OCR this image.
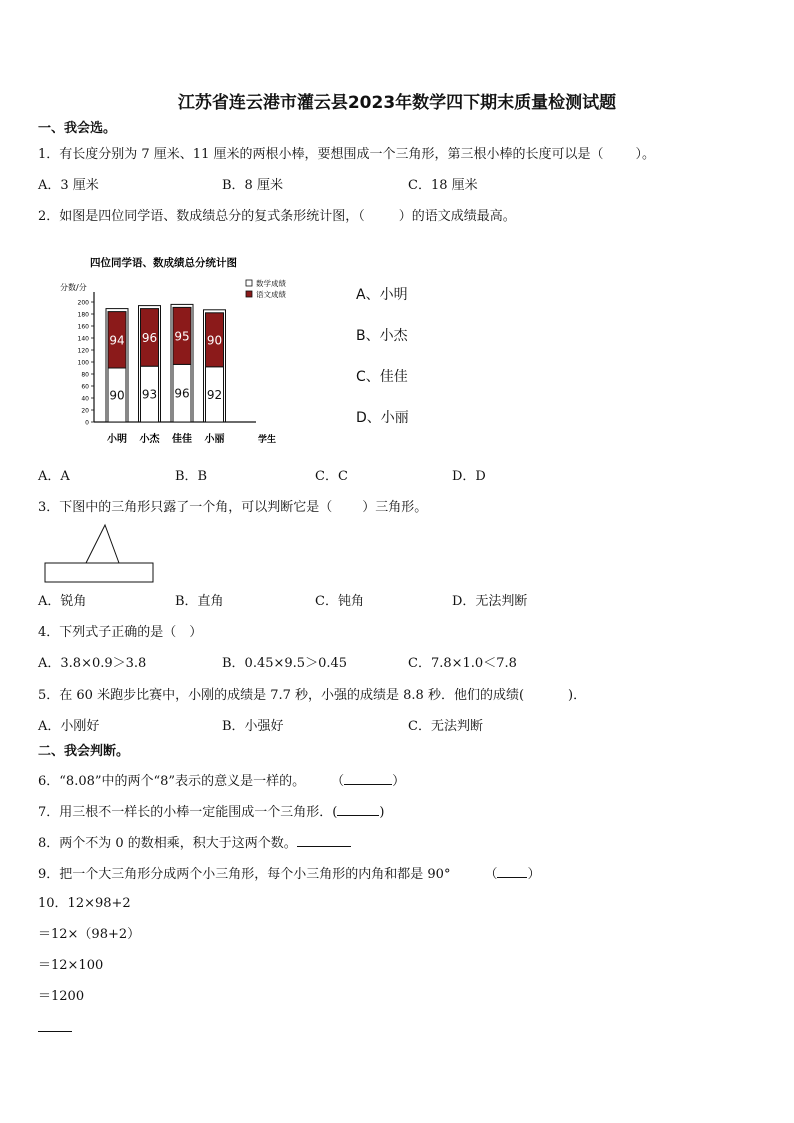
江苏省连云港市灌云县2023年数学四下期末质量检测试题
一、我会选。
1．有长度分别为 7 厘米、11 厘米的两根小棒，要想围成一个三角形，第三根小棒的长度可以是（ ）。
A．3 厘米	B．8 厘米	C．18 厘米
2．如图是四位同学语、数成绩总分的复式条形统计图，（	）的语文成绩最高。
四位同学语、数成绩总分统计图
分数/分	数学成绩
语文成绩
0
20
40
60
80
100
120
140
160
180
200
学生
90
94
小明
93
96
小杰
96
95
佳佳
92
90
小丽
A、小明
B、小杰
C、佳佳
D、小丽
A．A	B．B	C．C	D．D
3．下图中的三角形只露了一个角，可以判断它是（ ）三角形。
A．锐角	B．直角	C．钝角	D．无法判断
4．下列式子正确的是（　）
A．3.8×0.9＞3.8	B．0.45×9.5＞0.45	C．7.8×1.0＜7.8
5．在 60 米跑步比赛中，小刚的成绩是 7.7 秒，小强的成绩是 8.8 秒．他们的成绩(	)．
A．小刚好	B．小强好	C．无法判断
二、我会判断。
6．“8.08”中的两个“8”表示的意义是一样的。 （	）
7．用三根不一样长的小棒一定能围成一个三角形．(	)
8．两个不为 0 的数相乘，积大于这两个数。
9．把一个大三角形分成两个小三角形，每个小三角形的内角和都是 90°	（ ）
10．12×98+2
＝12×（98+2）
＝12×100
＝1200
